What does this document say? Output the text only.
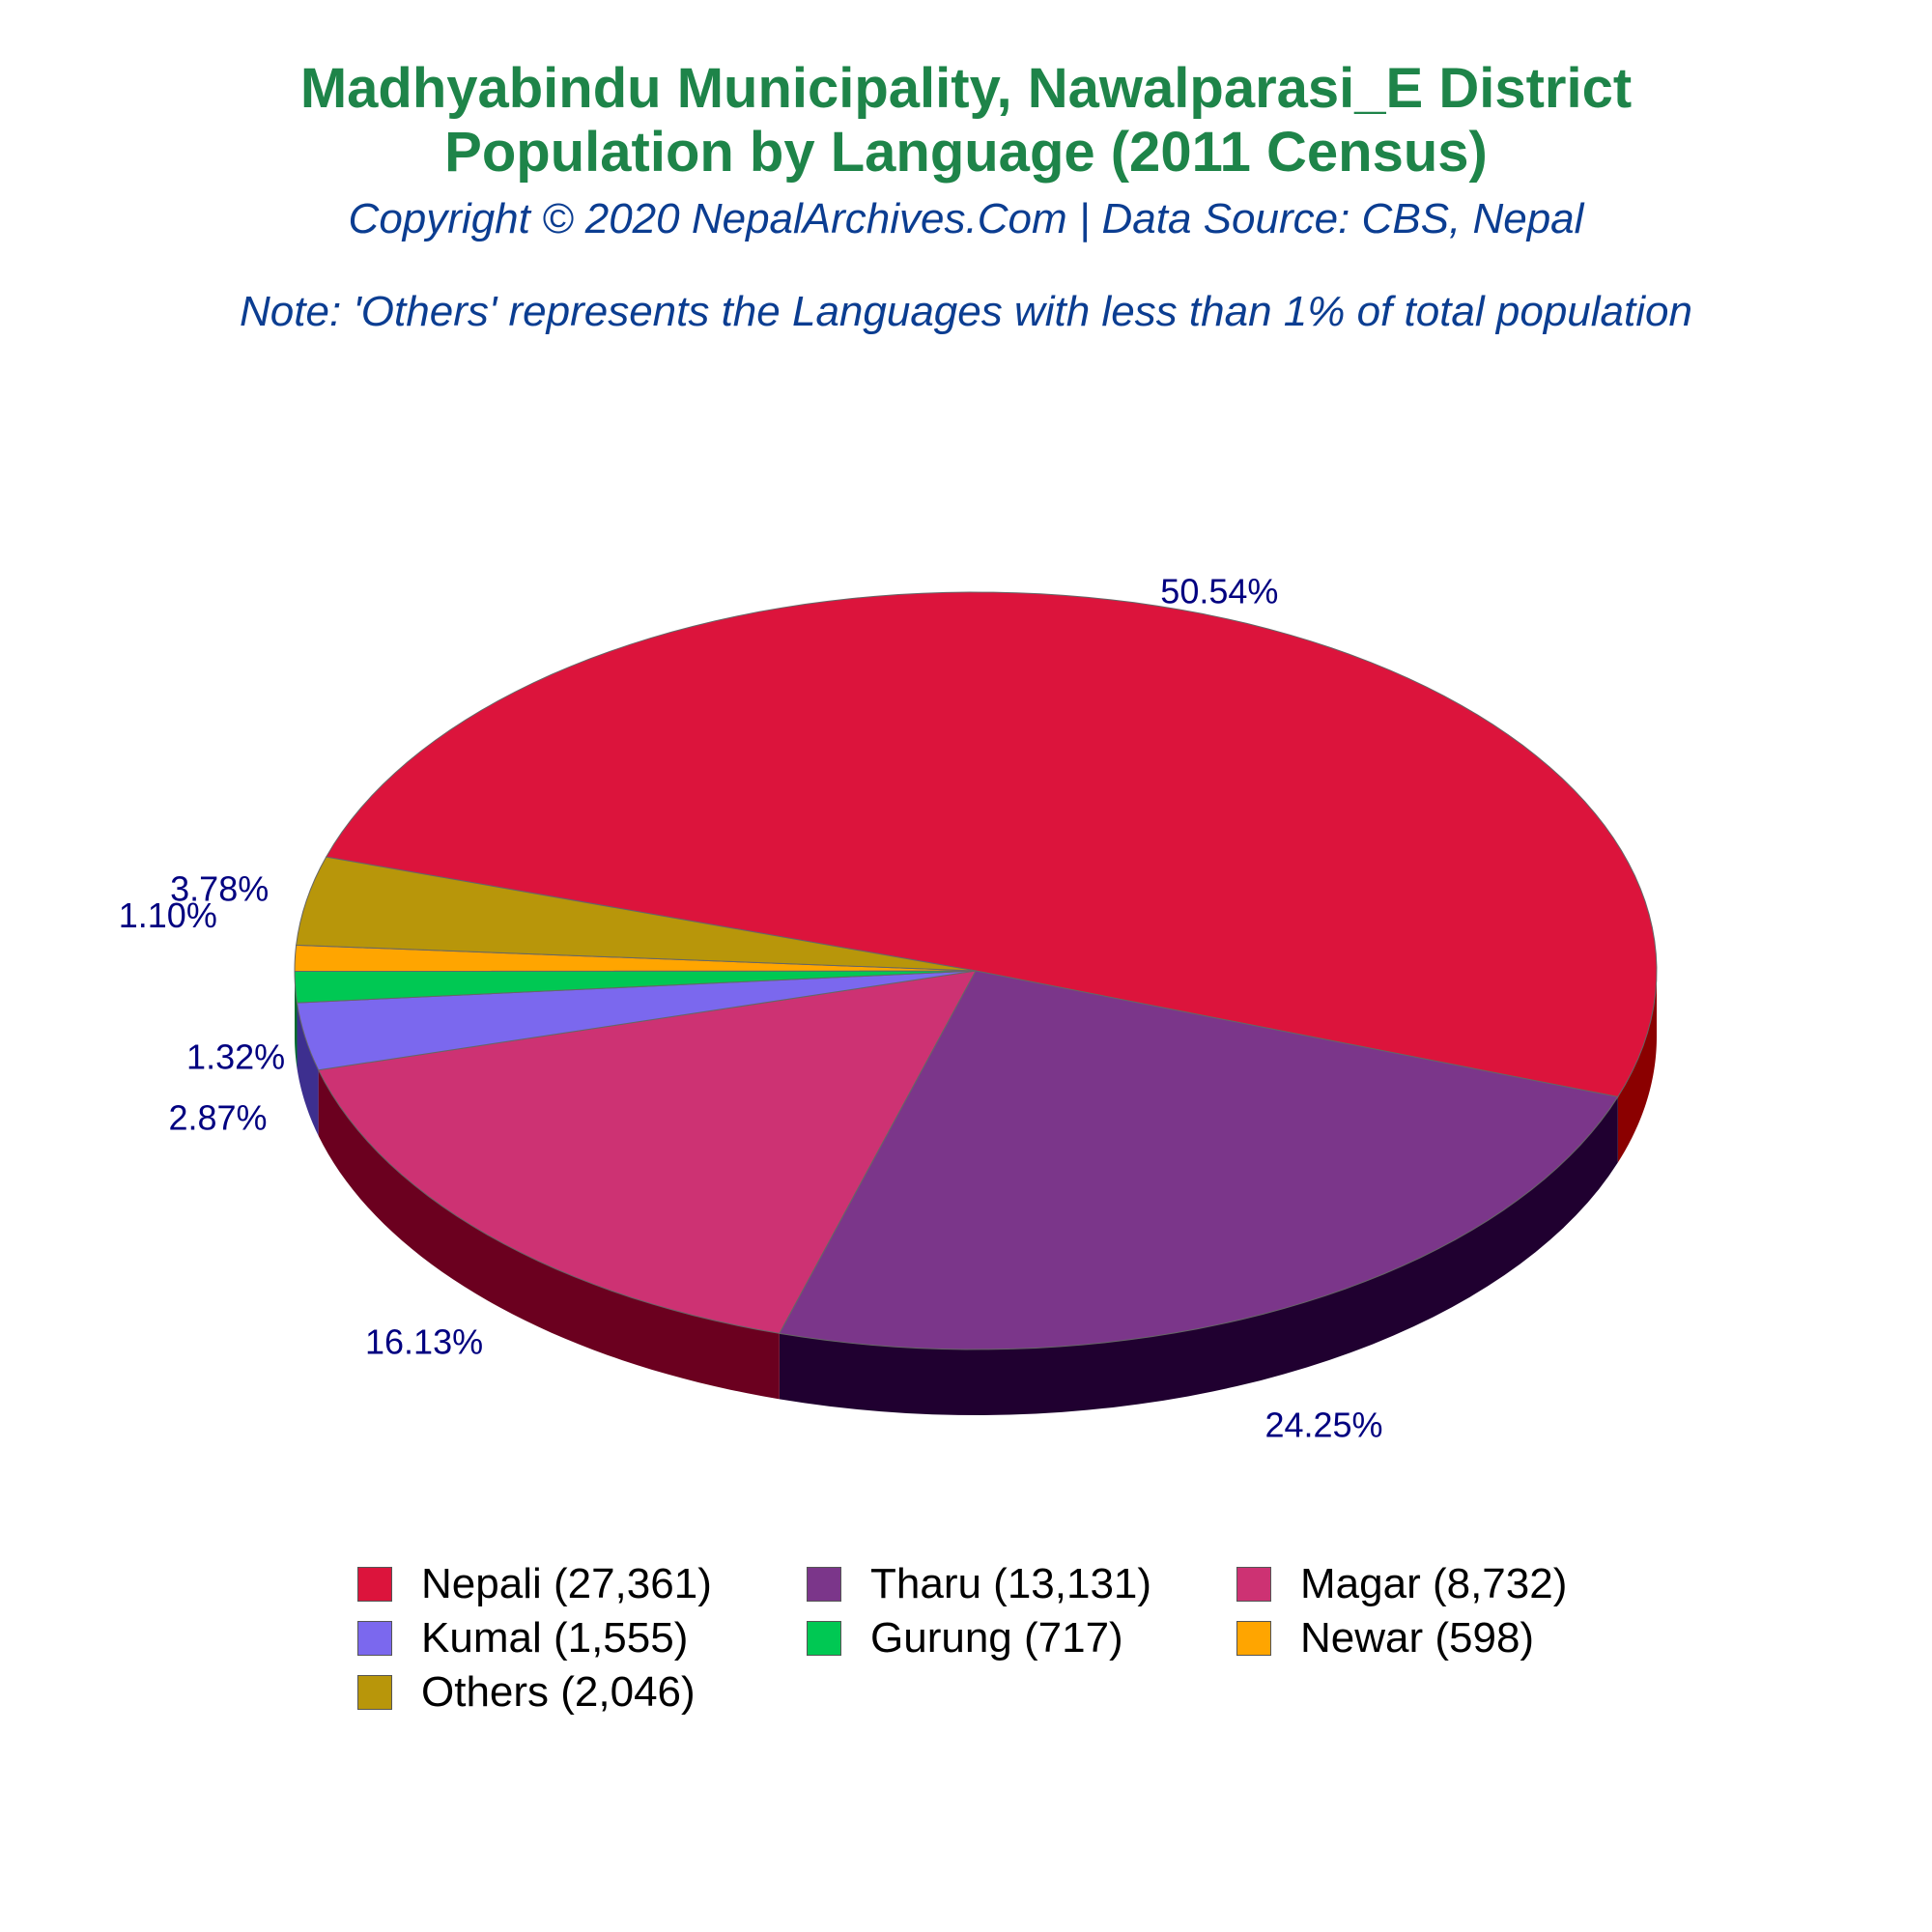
Madhyabindu Municipality, Nawalparasi_E District
Population by Language (2011 Census)

Copyright © 2020 NepalArchives.Com | Data Source: CBS, Nepal

Note: 'Others' represents the Languages with less than 1% of total population

50.54%
24.25%
16.13%
2.87%
1.32%
1.10%
3.78%
Nepali (27,361)	Tharu (13,131)	Magar (8,732)
Kumal (1,555)	Gurung (717)	Newar (598)
Others (2,046)
